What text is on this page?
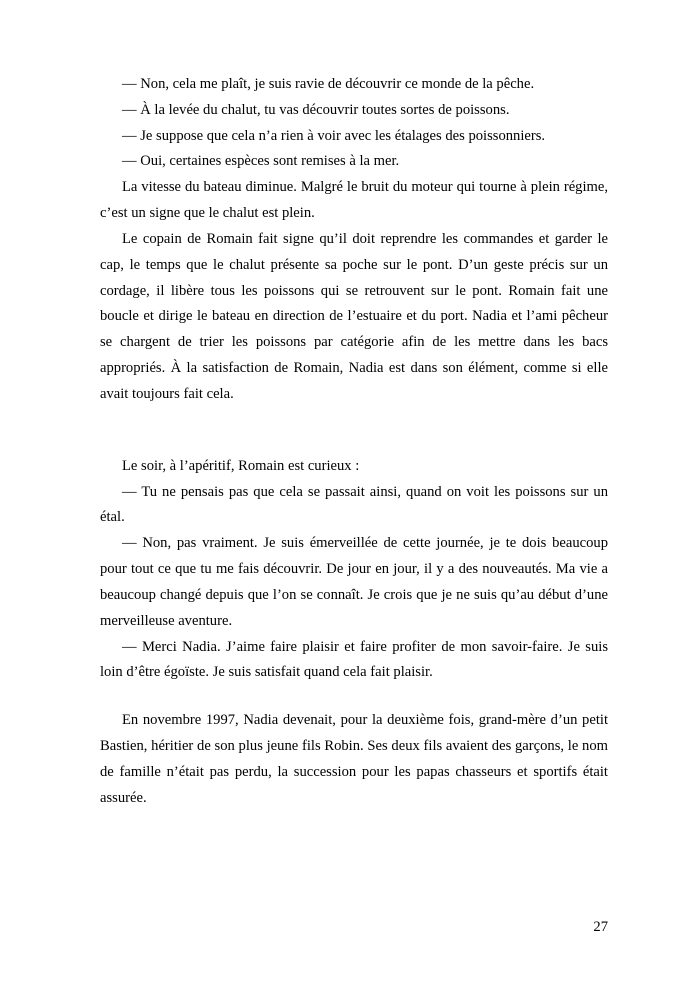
— Non, cela me plaît, je suis ravie de découvrir ce monde de la pêche.

— À la levée du chalut, tu vas découvrir toutes sortes de poissons.

— Je suppose que cela n’a rien à voir avec les étalages des poissonniers.

— Oui, certaines espèces sont remises à la mer.

La vitesse du bateau diminue. Malgré le bruit du moteur qui tourne à plein régime, c’est un signe que le chalut est plein.

Le copain de Romain fait signe qu’il doit reprendre les commandes et garder le cap, le temps que le chalut présente sa poche sur le pont. D’un geste précis sur un cordage, il libère tous les poissons qui se retrouvent sur le pont. Romain fait une boucle et dirige le bateau en direction de l’estuaire et du port. Nadia et l’ami pêcheur se chargent de trier les poissons par catégorie afin de les mettre dans les bacs appropriés. À la satisfaction de Romain, Nadia est dans son élément, comme si elle avait toujours fait cela.

Le soir, à l’apéritif, Romain est curieux :

— Tu ne pensais pas que cela se passait ainsi, quand on voit les poissons sur un étal.

— Non, pas vraiment. Je suis émerveillée de cette journée, je te dois beaucoup pour tout ce que tu me fais découvrir. De jour en jour, il y a des nouveautés. Ma vie a beaucoup changé depuis que l’on se connaît. Je crois que je ne suis qu’au début d’une merveilleuse aventure.

— Merci Nadia. J’aime faire plaisir et faire profiter de mon savoir-faire. Je suis loin d’être égoïste. Je suis satisfait quand cela fait plaisir.

En novembre 1997, Nadia devenait, pour la deuxième fois, grand-mère d’un petit Bastien, héritier de son plus jeune fils Robin. Ses deux fils avaient des garçons, le nom de famille n’était pas perdu, la succession pour les papas chasseurs et sportifs était assurée.

27
